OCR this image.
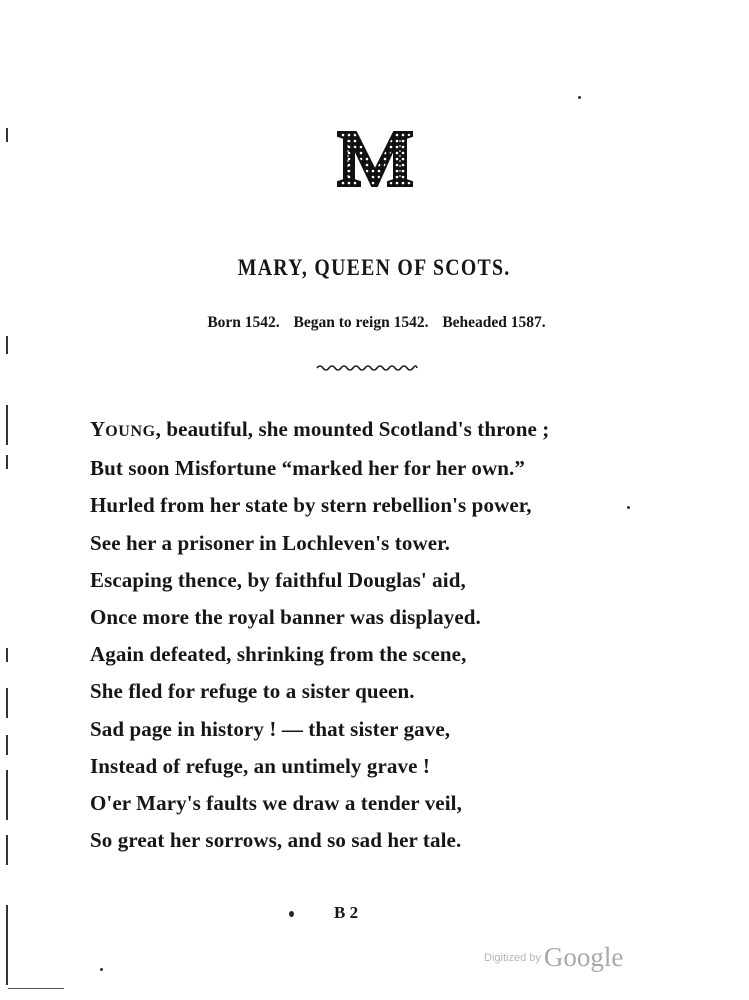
MARY, QUEEN OF SCOTS.
Born 1542. Began to reign 1542. Beheaded 1587.
YOUNG, beautiful, she mounted Scotland's throne ;
But soon Misfortune “marked her for her own.”
Hurled from her state by stern rebellion's power,
See her a prisoner in Lochleven's tower.
Escaping thence, by faithful Douglas' aid,
Once more the royal banner was displayed.
Again defeated, shrinking from the scene,
She fled for refuge to a sister queen.
Sad page in history ! — that sister gave,
Instead of refuge, an untimely grave !
O'er Mary's faults we draw a tender veil,
So great her sorrows, and so sad her tale.
B 2
Digitized by Google
